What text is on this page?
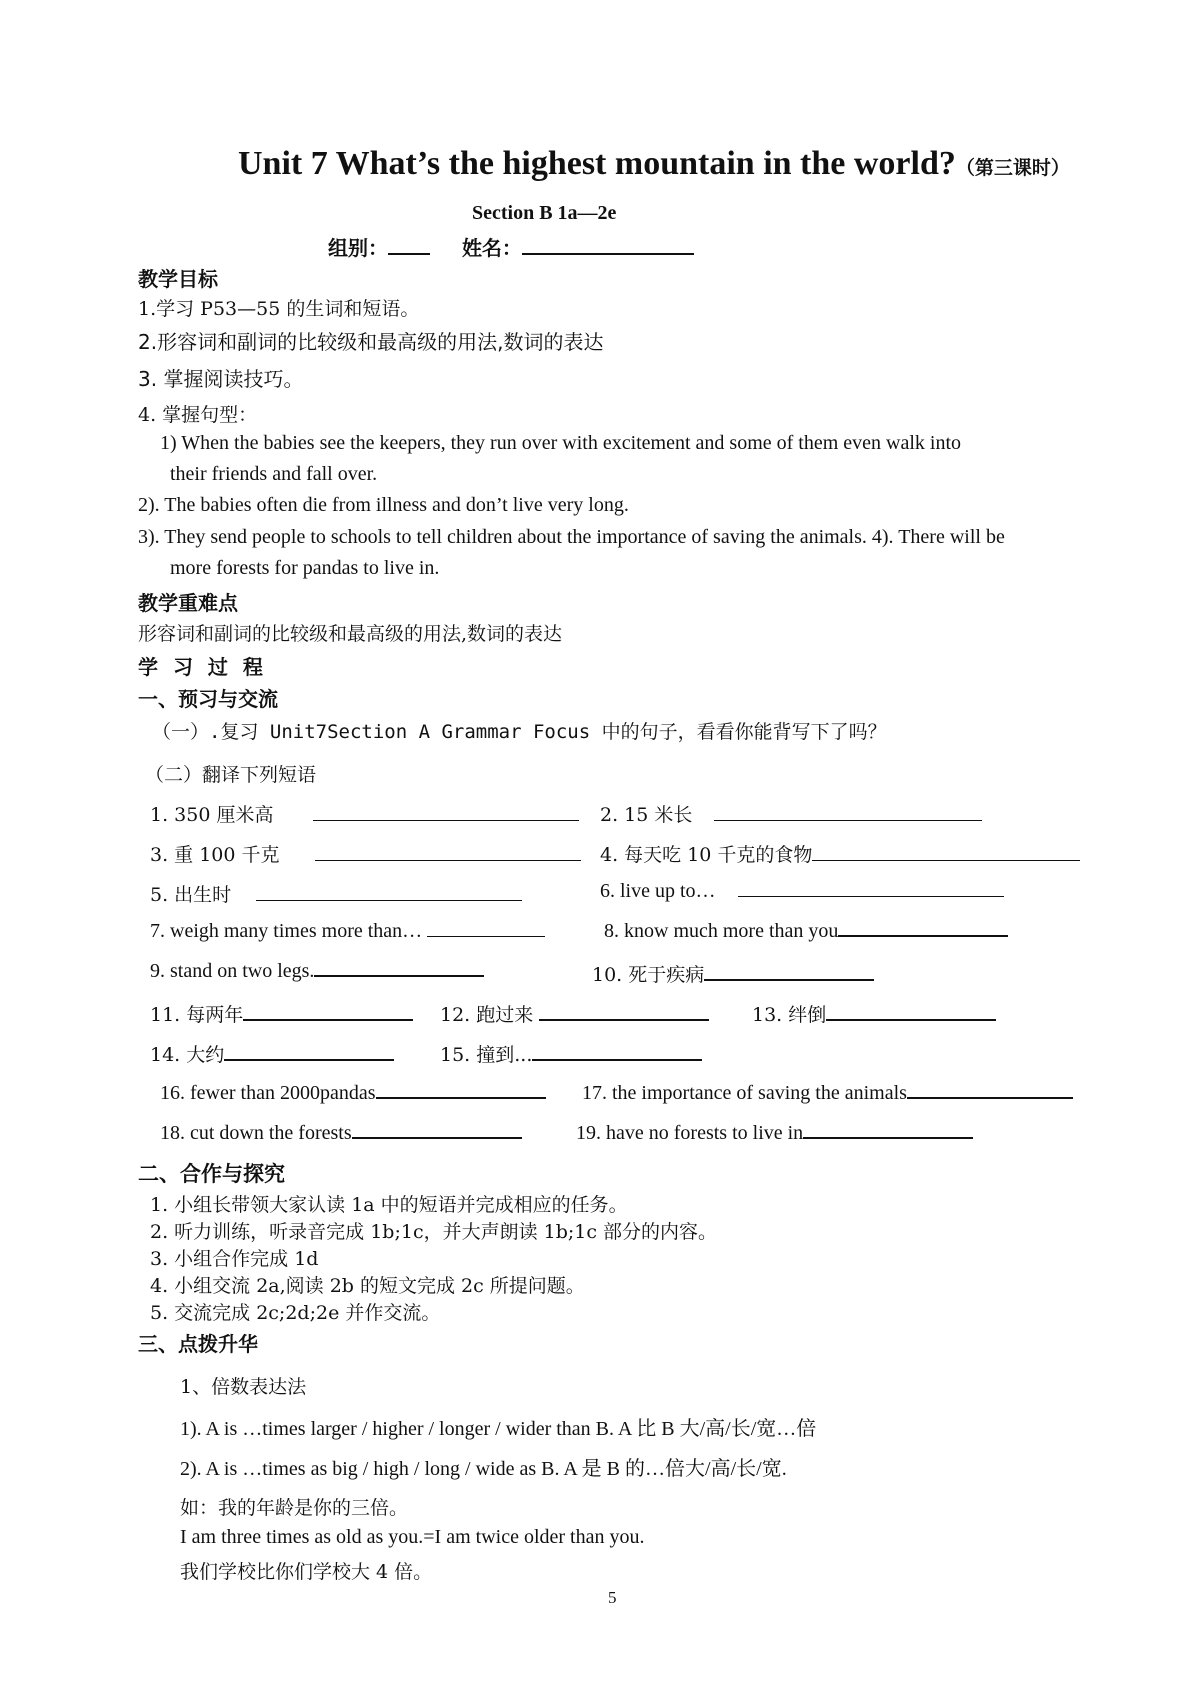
Unit 7 What’s the highest mountain in the world?（第三课时）
Section B 1a—2e
组别：	姓名：
教学目标
1.学习 P53—55 的生词和短语。
2.形容词和副词的比较级和最高级的用法,数词的表达
3. 掌握阅读技巧。
4. 掌握句型：
1) When the babies see the keepers, they run over with excitement and some of them even walk into
their friends and fall over.
2). The babies often die from illness and don’t live very long.
3). They send people to schools to tell children about the importance of saving the animals. 4). There will be
more forests for pandas to live in.
教学重难点
形容词和副词的比较级和最高级的用法,数词的表达
学 习 过 程
一、预习与交流
（一）.复习 Unit7Section A Grammar Focus 中的句子，看看你能背写下了吗？
（二）翻译下列短语
1. 350 厘米高	2. 15 米长
3. 重 100 千克	4. 每天吃 10 千克的食物
5. 出生时	6. live up to…
7. weigh many times more than…	8. know much more than you
9. stand on two legs.	10. 死于疾病
11. 每两年	12. 跑过来	13. 绊倒
14. 大约	15. 撞到...
16. fewer than 2000pandas	17. the importance of saving the animals
18. cut down the forests	19. have no forests to live in
二、合作与探究
1. 小组长带领大家认读 1a 中的短语并完成相应的任务。
2. 听力训练，听录音完成 1b;1c，并大声朗读 1b;1c 部分的内容。
3. 小组合作完成 1d
4. 小组交流 2a,阅读 2b 的短文完成 2c 所提问题。
5. 交流完成 2c;2d;2e 并作交流。
三、点拨升华
1、倍数表达法
1). A is …times larger / higher / longer / wider than B. A 比 B 大/高/长/宽…倍
2). A is …times as big / high / long / wide as B. A 是 B 的…倍大/高/长/宽.
如：我的年龄是你的三倍。
I am three times as old as you.=I am twice older than you.
我们学校比你们学校大 4 倍。
5
